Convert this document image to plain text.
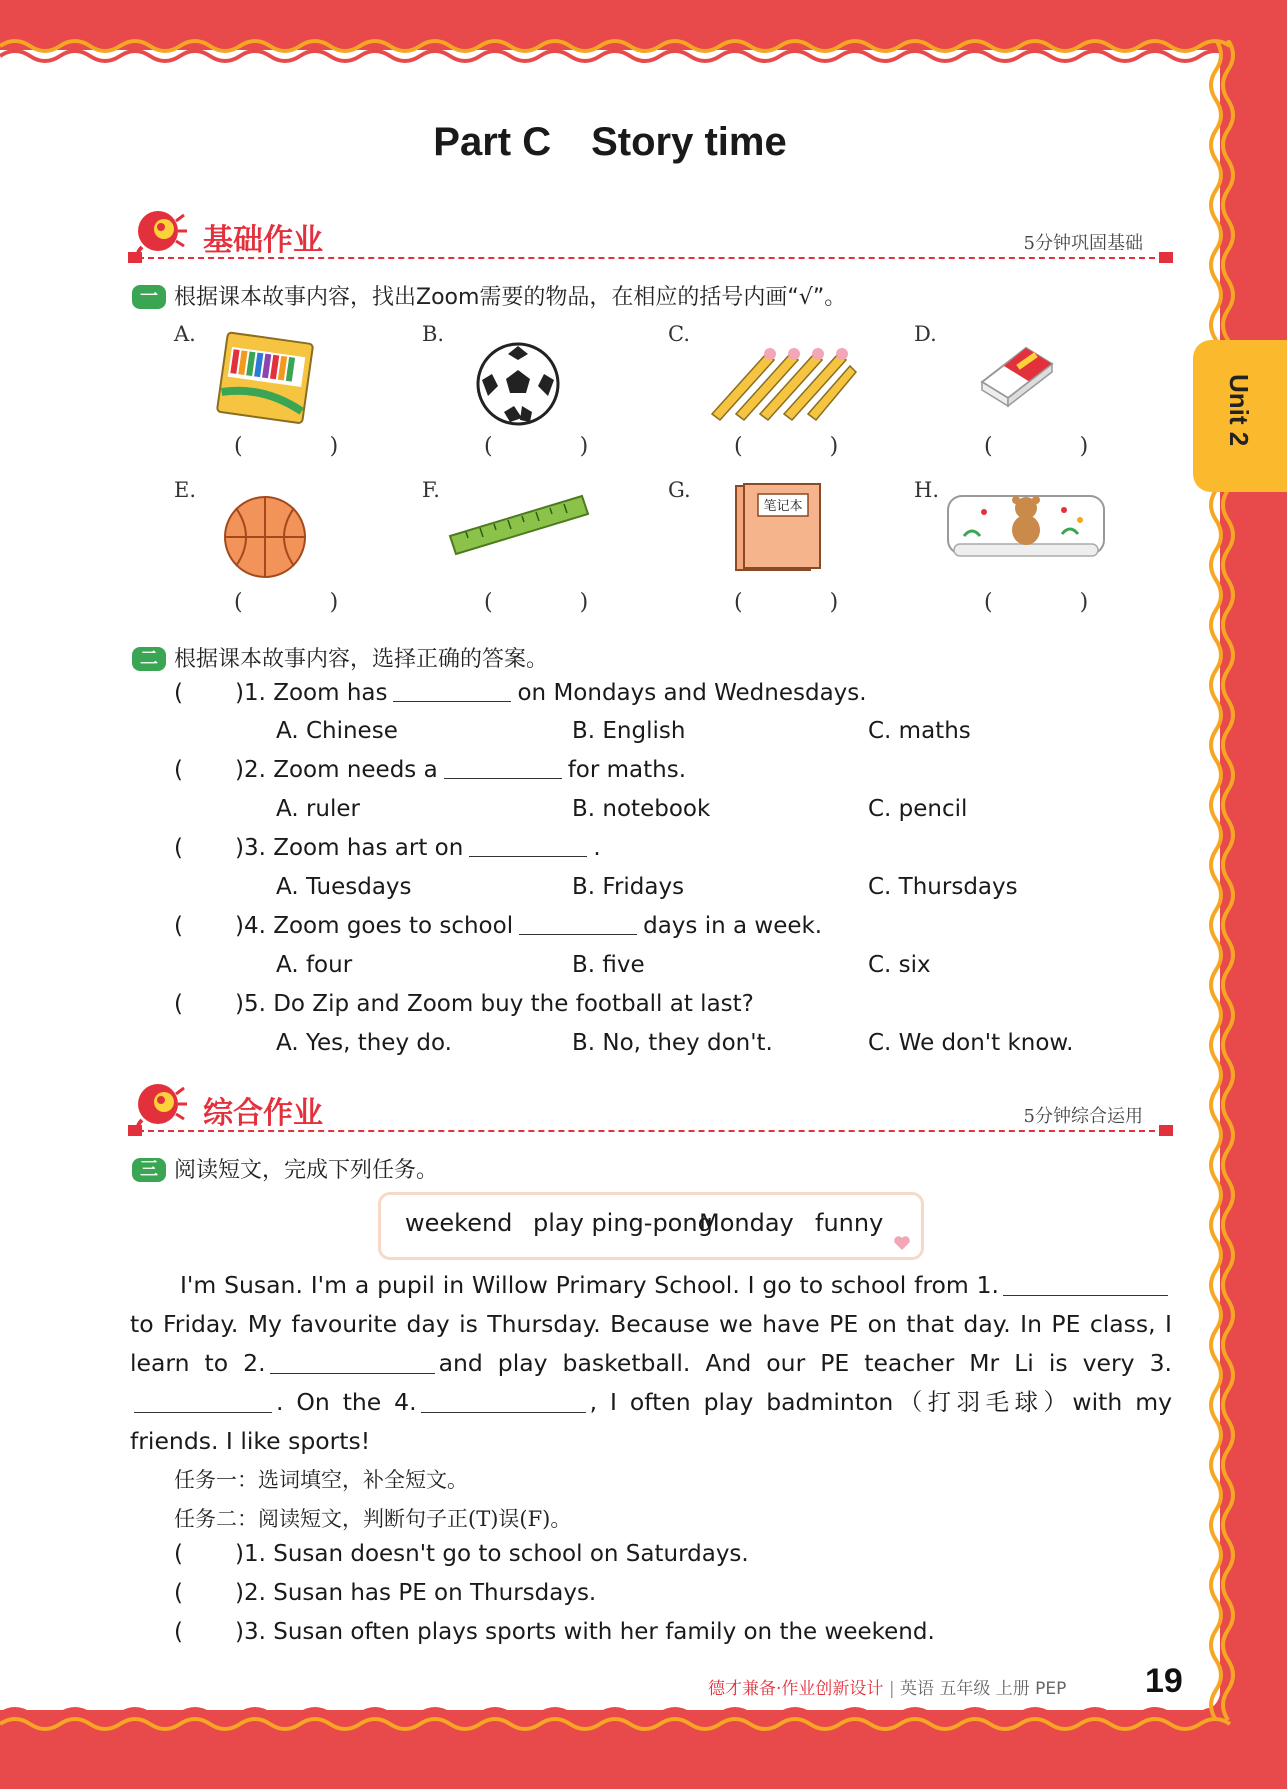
Unit 2
Part C Story time
基础作业	5分钟巩固基础
一 根据课本故事内容，找出Zoom需要的物品，在相应的括号内画“√”。
A.	B.	C.	D.
( )	( )	( )	( )
E.	F.	G.	H.
笔记本
( )	( )	( )	( )
二 根据课本故事内容，选择正确的答案。
( )1. Zoom has	on Mondays and Wednesdays.
A. Chinese	B. English	C. maths
( )2. Zoom needs a	for maths.
A. ruler	B. notebook	C. pencil
( )3. Zoom has art on	.
A. Tuesdays	B. Fridays	C. Thursdays
( )4. Zoom goes to school	days in a week.
A. four	B. five	C. six
( )5. Do Zip and Zoom buy the football at last?
A. Yes, they do.	B. No, they don't.	C. We don't know.
综合作业	5分钟综合运用
三 阅读短文，完成下列任务。
weekend play ping-pong
Monday funny
I'm Susan. I'm a pupil in Willow Primary School. I go to school from 1.to Friday. My favourite day is Thursday. Because we have PE on that day. In PE class, I learn to 2.	and play basketball. And our PE teacher Mr Li is very 3.. On the 4.	, I often play badminton（打羽毛球）with my friends. I like sports!
任务一：选词填空，补全短文。
任务二：阅读短文，判断句子正(T)误(F)。
( )1. Susan doesn't go to school on Saturdays.
( )2. Susan has PE on Thursdays.
( )3. Susan often plays sports with her family on the weekend.
德才兼备·作业创新设计 | 英语 五年级 上册 PEP 19
